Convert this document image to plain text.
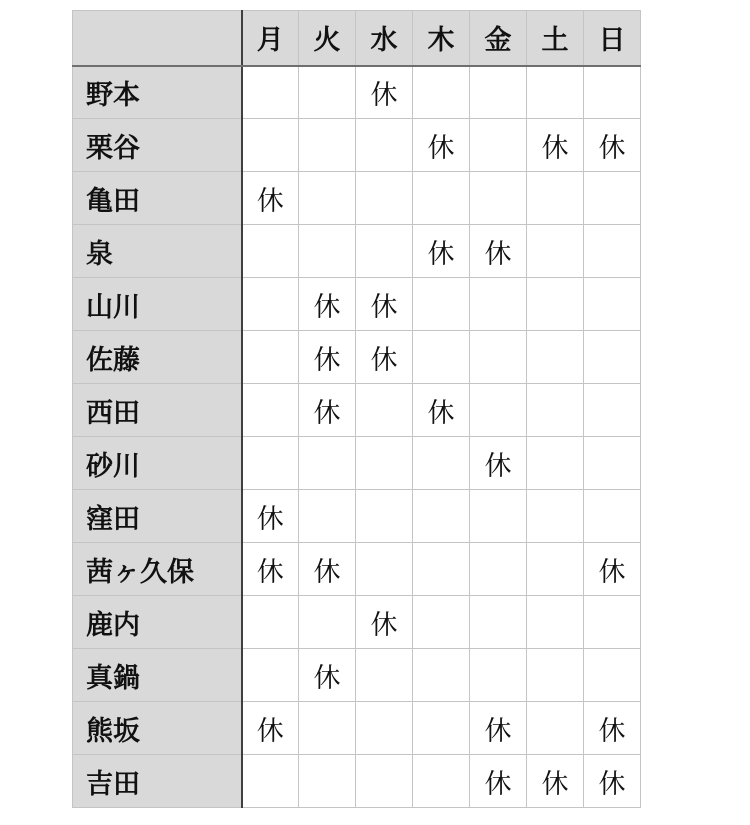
	月	火	水	木	金	土	日
野本			休				
栗谷				休		休	休
亀田	休						
泉				休	休		
山川		休	休				
佐藤		休	休				
西田		休		休			
砂川					休		
窪田	休						
茜ヶ久保	休	休					休
鹿内			休				
真鍋		休					
熊坂	休				休		休
吉田					休	休	休
